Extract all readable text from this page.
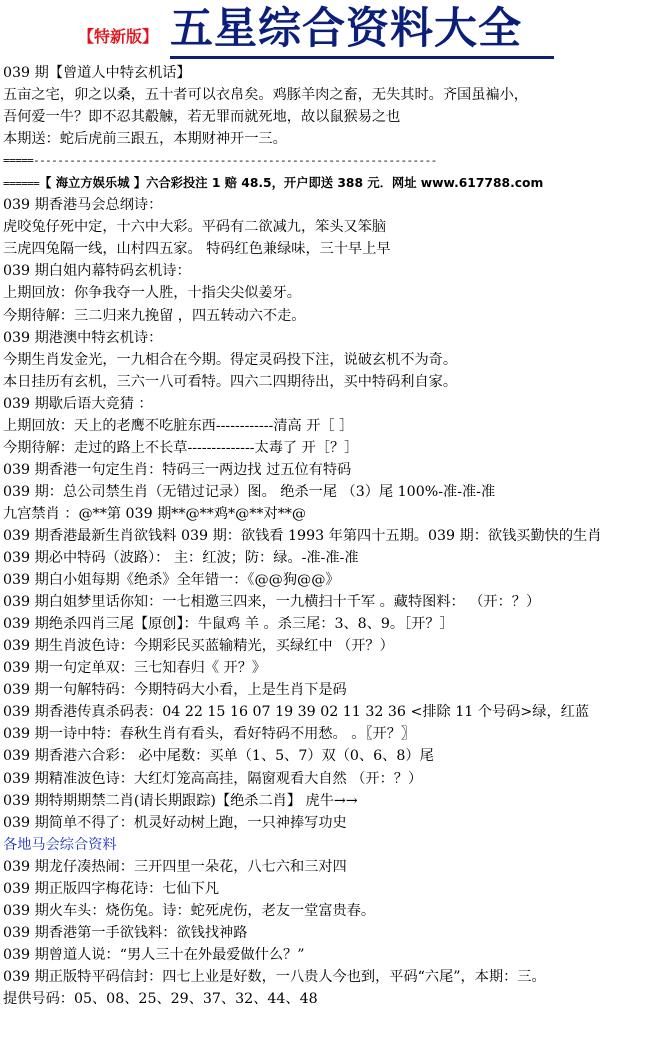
【特新版】 五星综合资料大全
039 期【曾道人中特玄机话】
五亩之宅，卯之以桑，五十者可以衣帛矣。鸡豚羊肉之畜，无失其时。齐国虽褊小，
吾何爱一牛？即不忍其觳觫，若无罪而就死地，故以鼠猴易之也
本期送：蛇后虎前三跟五，本期财神开一三。
=====-------------------------------------------------------------------
======【 海立方娱乐城 】六合彩投注 1 赔 48.5，开户即送 388 元．网址 www.617788.com
039 期香港马会总纲诗：
虎咬兔仔死中定，十六中大彩。平码有二欲减九，笨头又笨脑
三虎四兔隔一线，山村四五家。 特码红色兼绿味，三十早上早
039 期白姐内幕特码玄机诗：
上期回放：你争我夺一人胜，十指尖尖似姜牙。
今期待解：三二归来九挽留 ，四五转动六不走。
039 期港澳中特玄机诗：
今期生肖发金光，一九相合在今期。得定灵码投下注，说破玄机不为奇。
本日挂历有玄机，三六一八可看特。四六二四期待出，买中特码利自家。
039 期歇后语大竞猜 ：
上期回放：天上的老鹰不吃脏东西------------清高 开［ ］
今期待解：走过的路上不长草--------------太毒了 开［？］
039 期香港一句定生肖：特码三一两边找 过五位有特码
039 期：总公司禁生肖（无错过记录）图。 绝杀一尾 （3）尾 100%-准-准-准
九宫禁肖 ：@**第 039 期**@**鸡*@**对**@
039 期香港最新生肖欲钱料 039 期：欲钱看 1993 年第四十五期。039 期：欲钱买勤快的生肖
039 期必中特码（波路）： 主：红波；防：绿。-准-准-准
039 期白小姐每期《绝杀》全年错一：《@@狗@@》
039 期白姐梦里话你知：一七相邀三四来，一九横扫十千军 。藏特图料： （开：？）
039 期绝杀四肖三尾【原创】：牛鼠鸡 羊 。杀三尾：3、8、9。［开？］
039 期生肖波色诗：今期彩民买蓝输精光，买绿红中 （开？）
039 期一句定单双：三七知春归《 开？》
039 期一句解特码：今期特码大小看，上是生肖下是码
039 期香港传真杀码表：04 22 15 16 07 19 39 02 11 32 36 <排除 11 个号码>绿，红蓝
039 期一诗中特：春秋生肖有看头，看好特码不用愁。 。〖开？〗
039 期香港六合彩： 必中尾数：买单（1、5、7）双（0、6、8）尾
039 期精准波色诗：大红灯笼高高挂，隔窗观看大自然 （开：？）
039 期特期期禁二肖(请长期跟踪)【绝杀二肖】 虎牛→→
039 期简单不得了：机灵好动树上跑，一只神捧写功史
各地马会综合资料
039 期龙仔凑热闹：三开四里一朵花，八七六和三对四
039 期正版四字梅花诗：七仙下凡
039 期火车头：烧伤兔。诗：蛇死虎伤，老友一堂富贵春。
039 期香港第一手欲钱料：欲钱找神路
039 期曾道人说：“男人三十在外最爱做什么？”
039 期正版特平码信封：四七上业是好数，一八贵人今也到，平码“六尾”，本期：三。
提供号码：05、08、25、29、37、32、44、48
